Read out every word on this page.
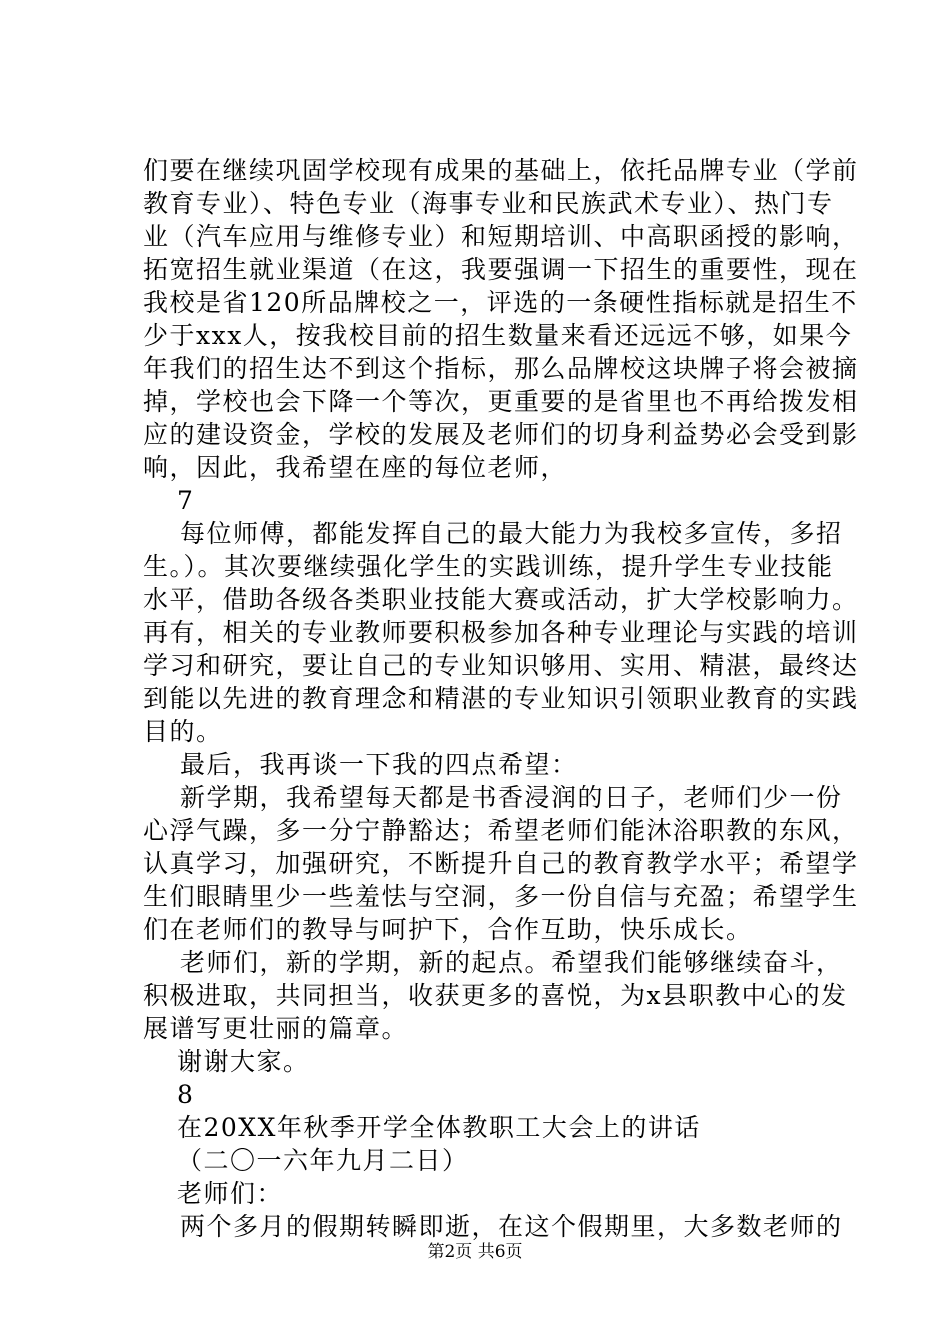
们要在继续巩固学校现有成果的基础上，依托品牌专业（学前
教育专业）、特色专业（海事专业和民族武术专业）、热门专
业（汽车应用与维修专业）和短期培训、中高职函授的影响，
拓宽招生就业渠道（在这，我要强调一下招生的重要性，现在
我校是省120所品牌校之一，评选的一条硬性指标就是招生不
少于xxx人，按我校目前的招生数量来看还远远不够，如果今
年我们的招生达不到这个指标，那么品牌校这块牌子将会被摘
掉，学校也会下降一个等次，更重要的是省里也不再给拨发相
应的建设资金，学校的发展及老师们的切身利益势必会受到影
响，因此，我希望在座的每位老师，
7
每位师傅，都能发挥自己的最大能力为我校多宣传，多招
生。）。其次要继续强化学生的实践训练，提升学生专业技能
水平，借助各级各类职业技能大赛或活动，扩大学校影响力。
再有，相关的专业教师要积极参加各种专业理论与实践的培训
学习和研究，要让自己的专业知识够用、实用、精湛，最终达
到能以先进的教育理念和精湛的专业知识引领职业教育的实践
目的。
最后，我再谈一下我的四点希望：
新学期，我希望每天都是书香浸润的日子，老师们少一份
心浮气躁，多一分宁静豁达；希望老师们能沐浴职教的东风，
认真学习，加强研究，不断提升自己的教育教学水平；希望学
生们眼睛里少一些羞怯与空洞，多一份自信与充盈；希望学生
们在老师们的教导与呵护下，合作互助，快乐成长。
老师们，新的学期，新的起点。希望我们能够继续奋斗，
积极进取，共同担当，收获更多的喜悦，为x县职教中心的发
展谱写更壮丽的篇章。
谢谢大家。
8
在20XX年秋季开学全体教职工大会上的讲话
（二〇一六年九月二日）
老师们：
两个多月的假期转瞬即逝，在这个假期里，大多数老师的
第2页 共6页
